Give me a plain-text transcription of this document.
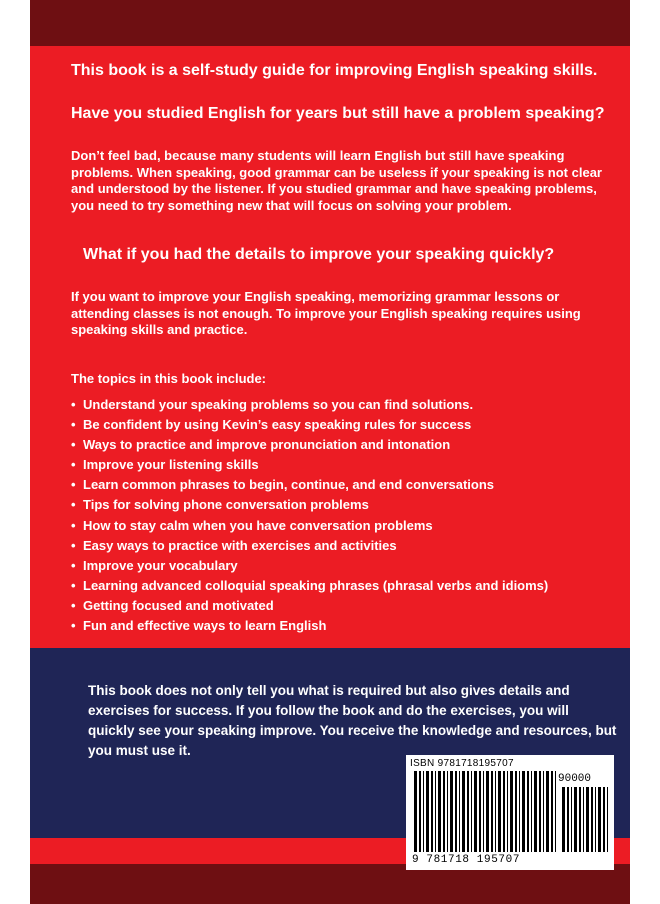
This book is a self-study guide for improving English speaking skills.

Have you studied English for years but still have a problem speaking?

Don’t feel bad, because many students will learn English but still have speaking problems. When speaking, good grammar can be useless if your speaking is not clear and understood by the listener. If you studied grammar and have speaking problems, you need to try something new that will focus on solving your problem.

What if you had the details to improve your speaking quickly?

If you want to improve your English speaking, memorizing grammar lessons or attending classes is not enough. To improve your English speaking requires using speaking skills and practice.

The topics in this book include:

• Understand your speaking problems so you can find solutions.
• Be confident by using Kevin’s easy speaking rules for success
• Ways to practice and improve pronunciation and intonation
• Improve your listening skills
• Learn common phrases to begin, continue, and end conversations
• Tips for solving phone conversation problems
• How to stay calm when you have conversation problems
• Easy ways to practice with exercises and activities
• Improve your vocabulary
• Learning advanced colloquial speaking phrases (phrasal verbs and idioms)
• Getting focused and motivated
• Fun and effective ways to learn English

This book does not only tell you what is required but also gives details and exercises for success. If you follow the book and do the exercises, you will quickly see your speaking improve. You receive the knowledge and resources, but you must use it.

ISBN 9781718195707
90000
9 781718 195707
